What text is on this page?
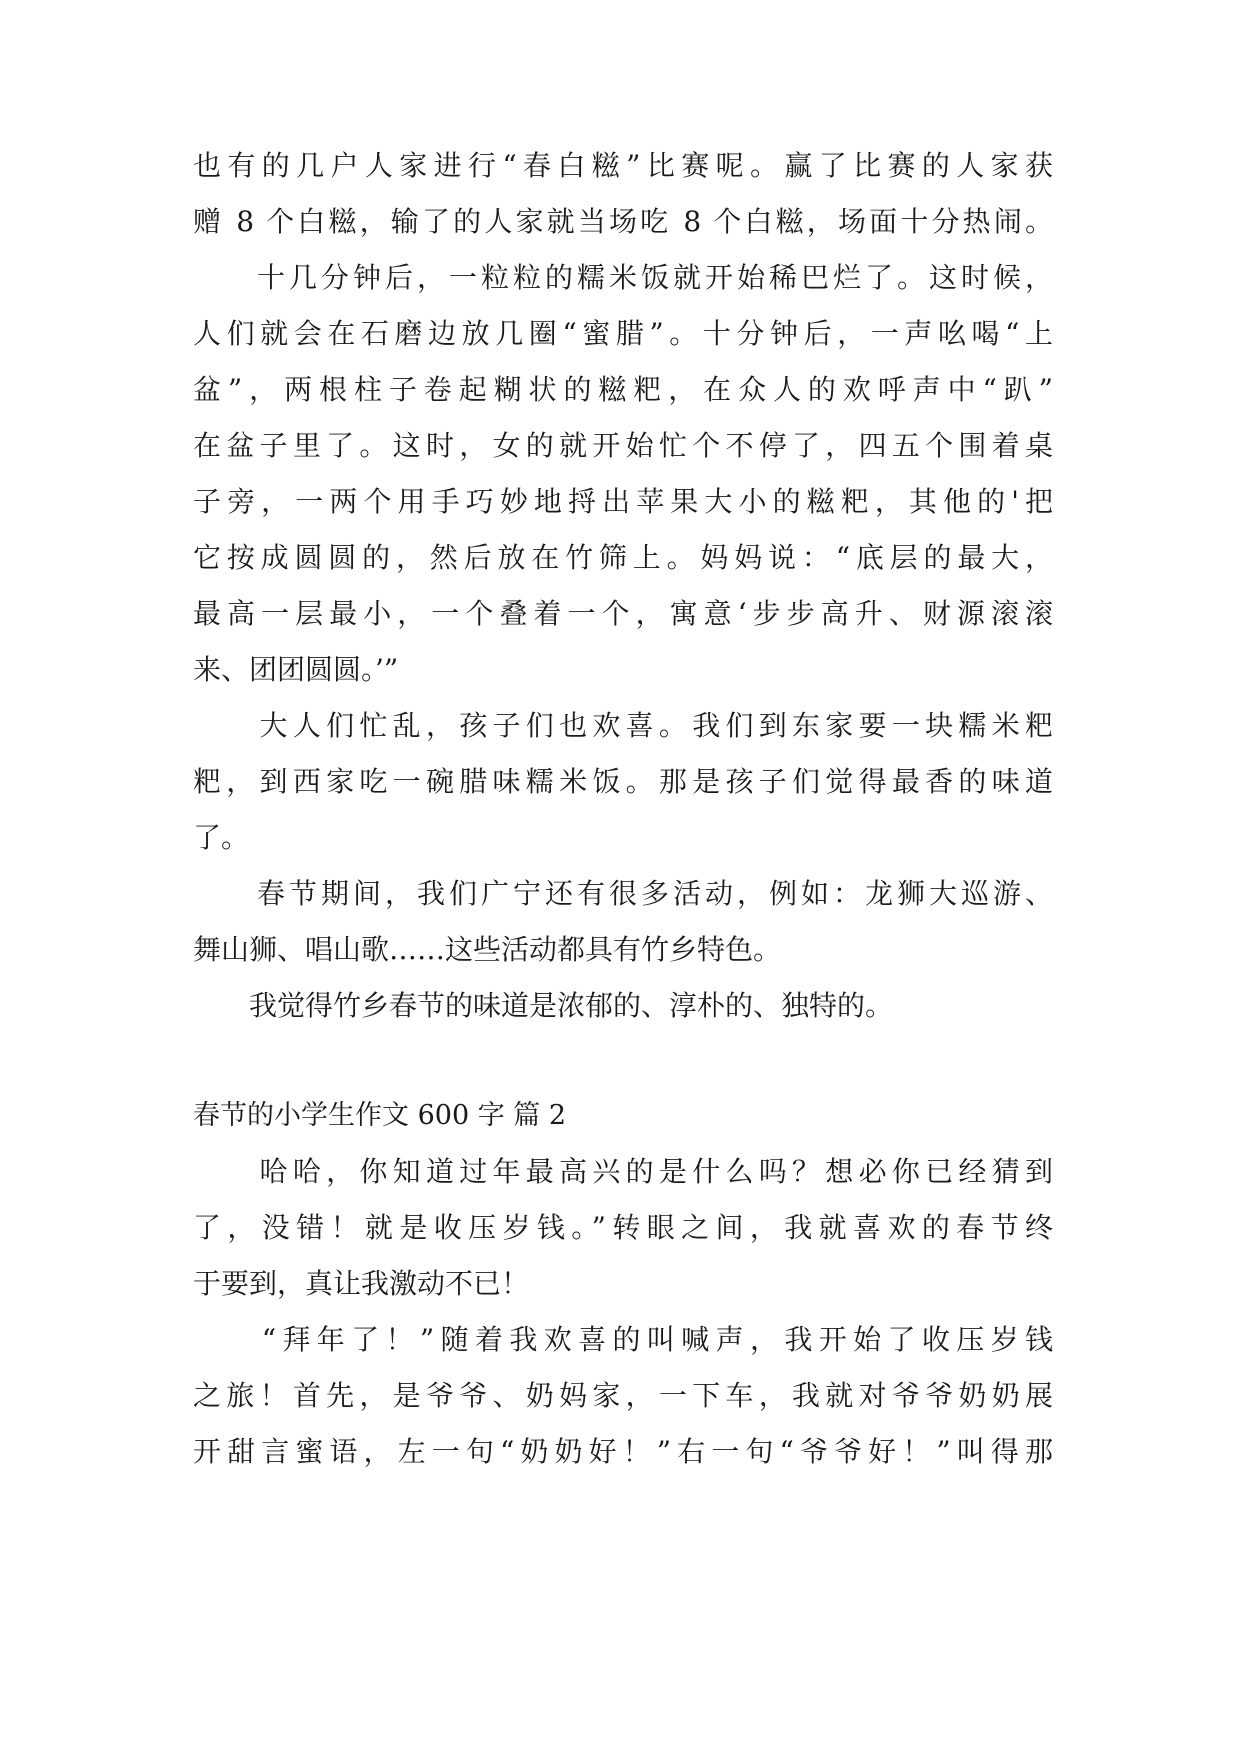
也有的几户人家进行“春白糍”比赛呢。赢了比赛的人家获
赠 8 个白糍，输了的人家就当场吃 8 个白糍，场面十分热闹。
　　十几分钟后，一粒粒的糯米饭就开始稀巴烂了。这时候，
人们就会在石磨边放几圈“蜜腊”。十分钟后，一声吆喝“上
盆”，两根柱子卷起糊状的糍粑，在众人的欢呼声中“趴”
在盆子里了。这时，女的就开始忙个不停了，四五个围着桌
子旁，一两个用手巧妙地捋出苹果大小的糍粑，其他的'把
它按成圆圆的，然后放在竹筛上。妈妈说：“底层的最大，
最高一层最小，一个叠着一个，寓意‘步步高升、财源滚滚
来、团团圆圆。’”
　　大人们忙乱，孩子们也欢喜。我们到东家要一块糯米粑
粑，到西家吃一碗腊味糯米饭。那是孩子们觉得最香的味道
了。
　　春节期间，我们广宁还有很多活动，例如：龙狮大巡游、
舞山狮、唱山歌……这些活动都具有竹乡特色。
　　我觉得竹乡春节的味道是浓郁的、淳朴的、独特的。
春节的小学生作文 600 字 篇 2
　　哈哈，你知道过年最高兴的是什么吗？想必你已经猜到
了，没错！就是收压岁钱。”转眼之间，我就喜欢的春节终
于要到，真让我激动不已！
　　“拜年了！”随着我欢喜的叫喊声，我开始了收压岁钱
之旅！首先，是爷爷、奶妈家，一下车，我就对爷爷奶奶展
开甜言蜜语，左一句“奶奶好！”右一句“爷爷好！”叫得那
